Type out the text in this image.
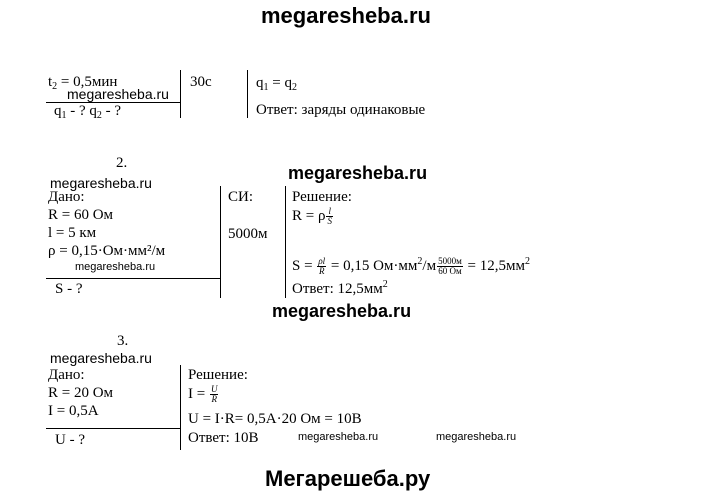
megaresheba.ru
$t_2 = 0,5мин$
megaresheba.ru
$q_1$ - ? $q_2$ - ?
30с	$q_1 = q_2$
Ответ: заряды одинаковые
2.	megaresheba.ru
megaresheba.ru
Дано:
R = 60 Ом
l = 5 км
ρ = 0,15·Ом·мм²/м
megaresheba.ru
S - ?
СИ:
5000м
Решение:
R = ρ $\frac{l}{S}$
$S = \frac{\rho l}{R} = 0,15$ $Ом\cdot мм^2/м \frac{5000м}{60 Ом} = 12,5мм^2$
Ответ: $12,5мм^2$
megaresheba.ru
3.
megaresheba.ru
Дано:
R = 20 Ом
I = 0,5А
U - ?
Решение:
$I = \frac{U}{R}$
U = I·R= 0,5А·20 Ом = 10В
Ответ: 10В	megaresheba.ru	megaresheba.ru
Мегарешеба.ру
